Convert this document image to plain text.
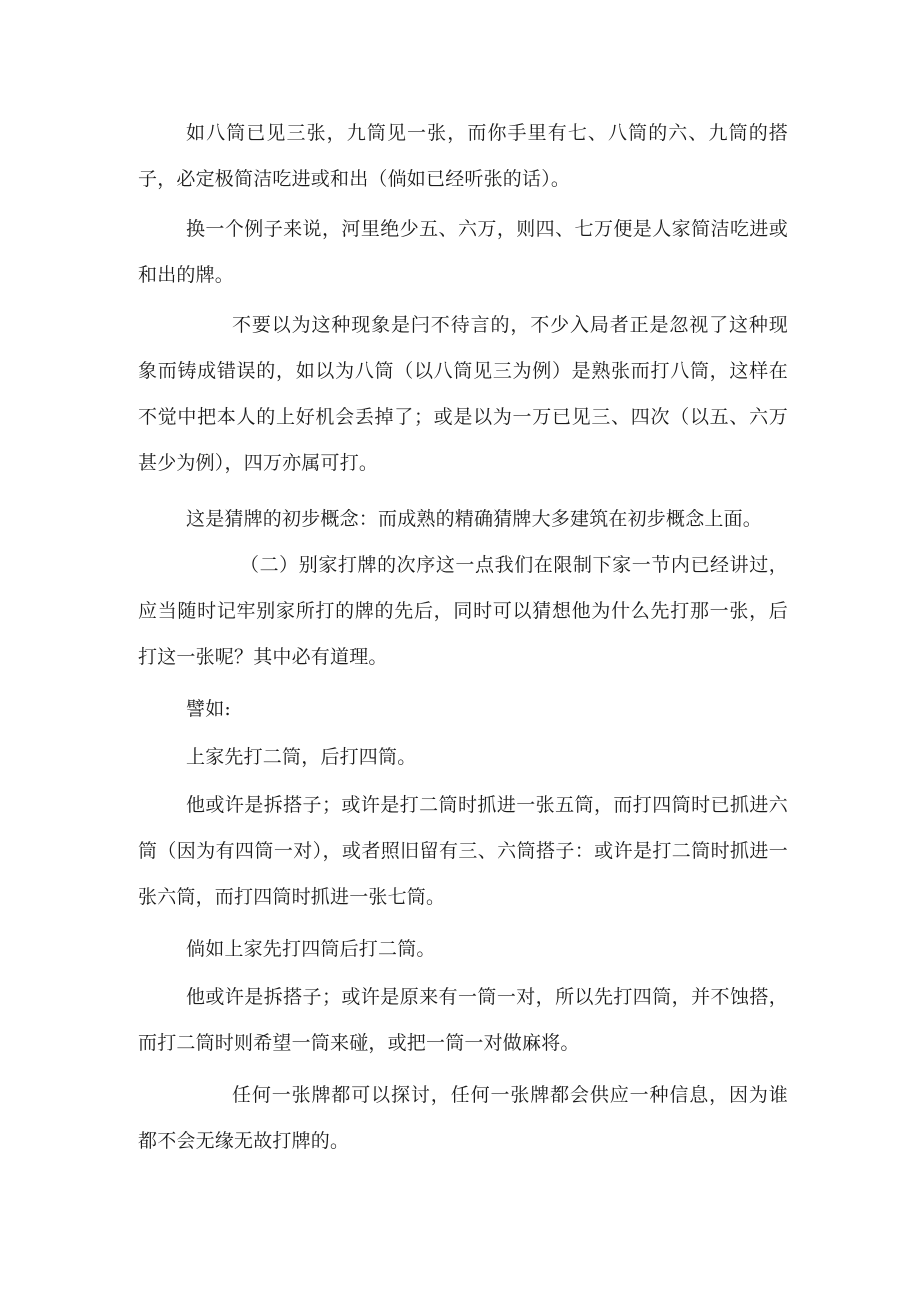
如八筒已见三张，九筒见一张，而你手里有七、八筒的六、九筒的搭子，必定极简洁吃进或和出（倘如已经听张的话）。

换一个例子来说，河里绝少五、六万，则四、七万便是人家简洁吃进或和出的牌。

不要以为这种现象是闩不待言的，不少入局者正是忽视了这种现象而铸成错误的，如以为八筒（以八筒见三为例）是熟张而打八筒，这样在不觉中把本人的上好机会丢掉了；或是以为一万已见三、四次（以五、六万甚少为例），四万亦属可打。

这是猜牌的初步概念：而成熟的精确猜牌大多建筑在初步概念上面。

（二）别家打牌的次序这一点我们在限制下家一节内已经讲过，应当随时记牢别家所打的牌的先后，同时可以猜想他为什么先打那一张，后打这一张呢？其中必有道理。

譬如:

上家先打二筒，后打四筒。

他或许是拆搭子；或许是打二筒时抓进一张五筒，而打四筒时已抓进六筒（因为有四筒一对），或者照旧留有三、六筒搭子：或许是打二筒时抓进一张六筒，而打四筒时抓进一张七筒。

倘如上家先打四筒后打二筒。

他或许是拆搭子；或许是原来有一筒一对，所以先打四筒，并不蚀搭，而打二筒时则希望一筒来碰，或把一筒一对做麻将。

任何一张牌都可以探讨，任何一张牌都会供应一种信息，因为谁都不会无缘无故打牌的。
